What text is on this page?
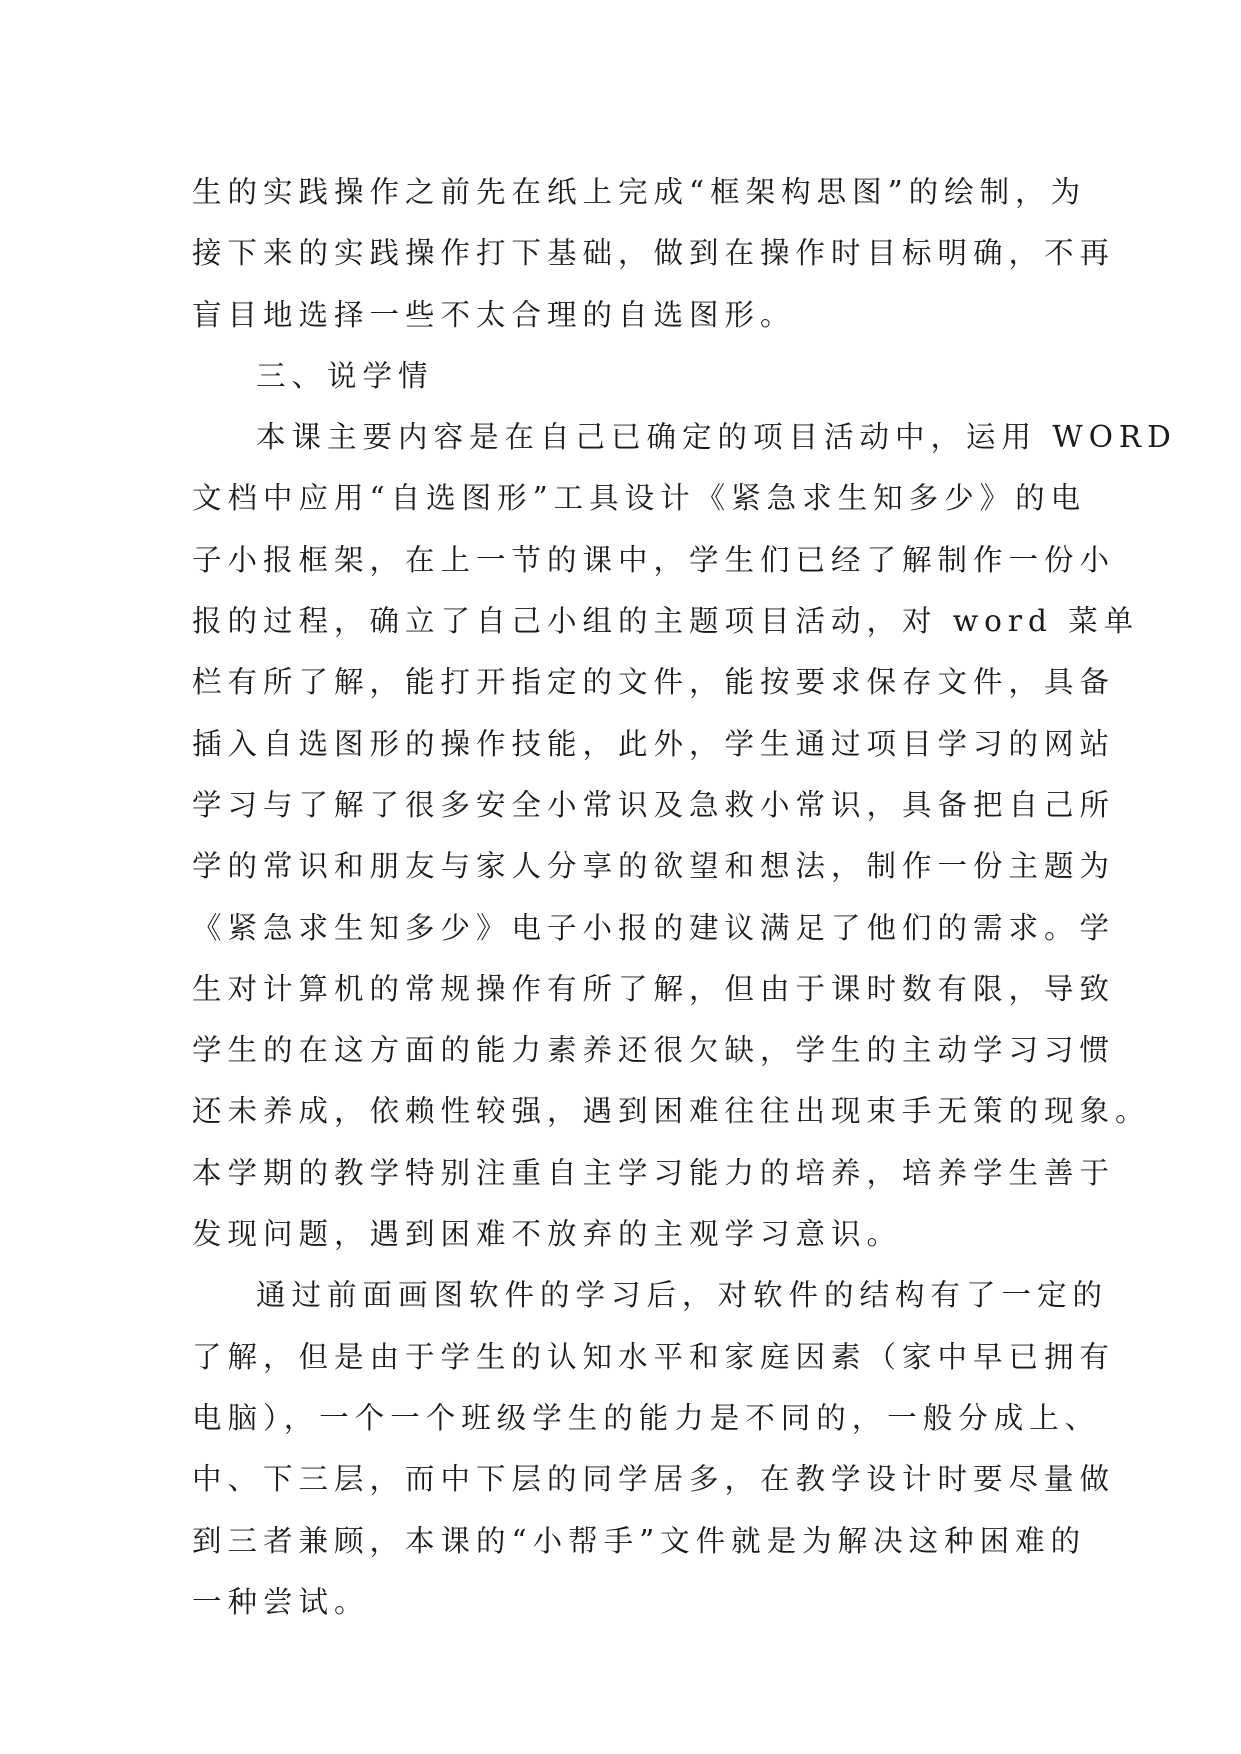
生的实践操作之前先在纸上完成“框架构思图”的绘制，为
接下来的实践操作打下基础，做到在操作时目标明确，不再
盲目地选择一些不太合理的自选图形。
三、说学情
本课主要内容是在自己已确定的项目活动中，运用 WORD
文档中应用“自选图形”工具设计《紧急求生知多少》的电
子小报框架，在上一节的课中，学生们已经了解制作一份小
报的过程，确立了自己小组的主题项目活动，对 word 菜单
栏有所了解，能打开指定的文件，能按要求保存文件，具备
插入自选图形的操作技能，此外，学生通过项目学习的网站
学习与了解了很多安全小常识及急救小常识，具备把自己所
学的常识和朋友与家人分享的欲望和想法，制作一份主题为
《紧急求生知多少》电子小报的建议满足了他们的需求。学
生对计算机的常规操作有所了解，但由于课时数有限，导致
学生的在这方面的能力素养还很欠缺，学生的主动学习习惯
还未养成，依赖性较强，遇到困难往往出现束手无策的现象。
本学期的教学特别注重自主学习能力的培养，培养学生善于
发现问题，遇到困难不放弃的主观学习意识。
通过前面画图软件的学习后，对软件的结构有了一定的
了解，但是由于学生的认知水平和家庭因素（家中早已拥有
电脑），一个一个班级学生的能力是不同的，一般分成上、
中、下三层，而中下层的同学居多，在教学设计时要尽量做
到三者兼顾，本课的“小帮手”文件就是为解决这种困难的
一种尝试。
